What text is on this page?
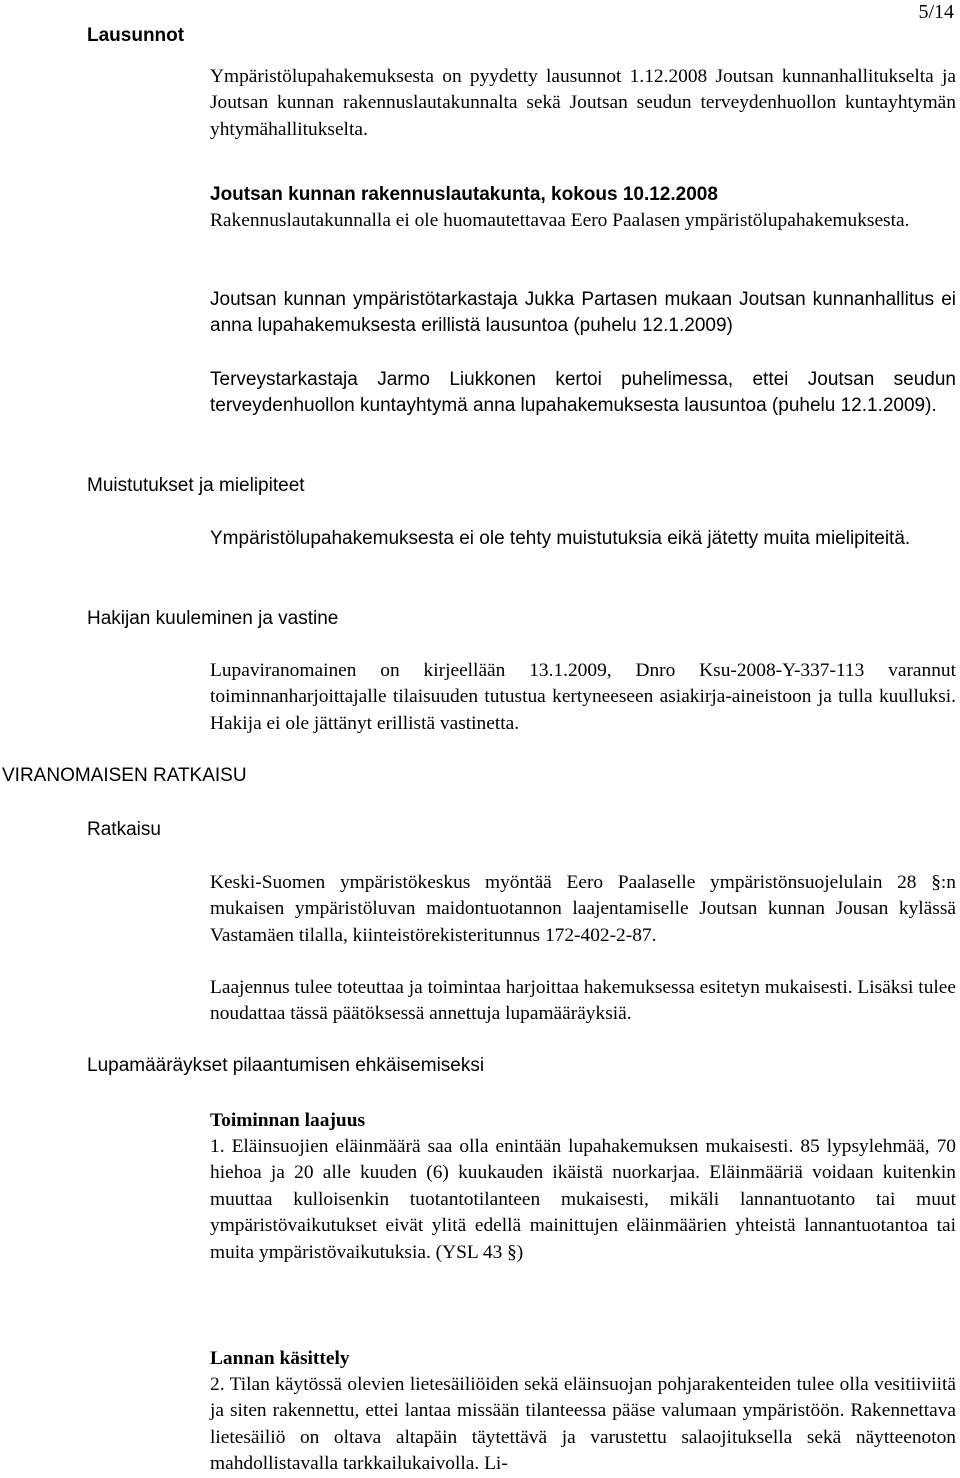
5/14
Lausunnot
Muistutukset ja mielipiteet
Hakijan kuuleminen ja vastine
VIRANOMAISEN RATKAISU
Ratkaisu
Lupamääräykset pilaantumisen ehkäisemiseksi

Ympäristölupahakemuksesta on pyydetty lausunnot 1.12.2008 Joutsan kunnanhallitukselta ja Joutsan kunnan rakennuslautakunnalta sekä Joutsan seudun terveydenhuollon kuntayhtymän yhtymähallitukselta.

Joutsan kunnan rakennuslautakunta, kokous 10.12.2008
Rakennuslautakunnalla ei ole huomautettavaa Eero Paalasen ympäristölupahakemuksesta.

Joutsan kunnan ympäristötarkastaja Jukka Partasen mukaan Joutsan kunnanhallitus ei anna lupahakemuksesta erillistä lausuntoa (puhelu 12.1.2009)

Terveystarkastaja Jarmo Liukkonen kertoi puhelimessa, ettei Joutsan seudun terveydenhuollon kuntayhtymä anna lupahakemuksesta lausuntoa (puhelu 12.1.2009).

Ympäristölupahakemuksesta ei ole tehty muistutuksia eikä jätetty muita mielipiteitä.

Lupaviranomainen on kirjeellään 13.1.2009, Dnro Ksu-2008-Y-337-113 varannut toiminnanharjoittajalle tilaisuuden tutustua kertyneeseen asiakirja-aineistoon ja tulla kuulluksi. Hakija ei ole jättänyt erillistä vastinetta.

Keski-Suomen ympäristökeskus myöntää Eero Paalaselle ympäristönsuojelulain 28 §:n mukaisen ympäristöluvan maidontuotannon laajentamiselle Joutsan kunnan Jousan kylässä Vastamäen tilalla, kiinteistörekisteritunnus 172-402-2-87.

Laajennus tulee toteuttaa ja toimintaa harjoittaa hakemuksessa esitetyn mukaisesti. Lisäksi tulee noudattaa tässä päätöksessä annettuja lupamääräyksiä.

Toiminnan laajuus
1. Eläinsuojien eläinmäärä saa olla enintään lupahakemuksen mukaisesti. 85 lypsylehmää, 70 hiehoa ja 20 alle kuuden (6) kuukauden ikäistä nuorkarjaa. Eläinmääriä voidaan kuitenkin muuttaa kulloisenkin tuotantotilanteen mukaisesti, mikäli lannantuotanto tai muut ympäristövaikutukset eivät ylitä edellä mainittujen eläinmäärien yhteistä lannantuotantoa tai muita ympäristövaikutuksia. (YSL 43 §)
Lannan käsittely
2. Tilan käytössä olevien lietesäiliöiden sekä eläinsuojan pohjarakenteiden tulee olla vesitiiviitä ja siten rakennettu, ettei lantaa missään tilanteessa pääse valumaan ympäristöön. Rakennettava lietesäiliö on oltava altapäin täytettävä ja varustettu salaojituksella sekä näytteenoton mahdollistavalla tarkkailukaivolla. Li-
